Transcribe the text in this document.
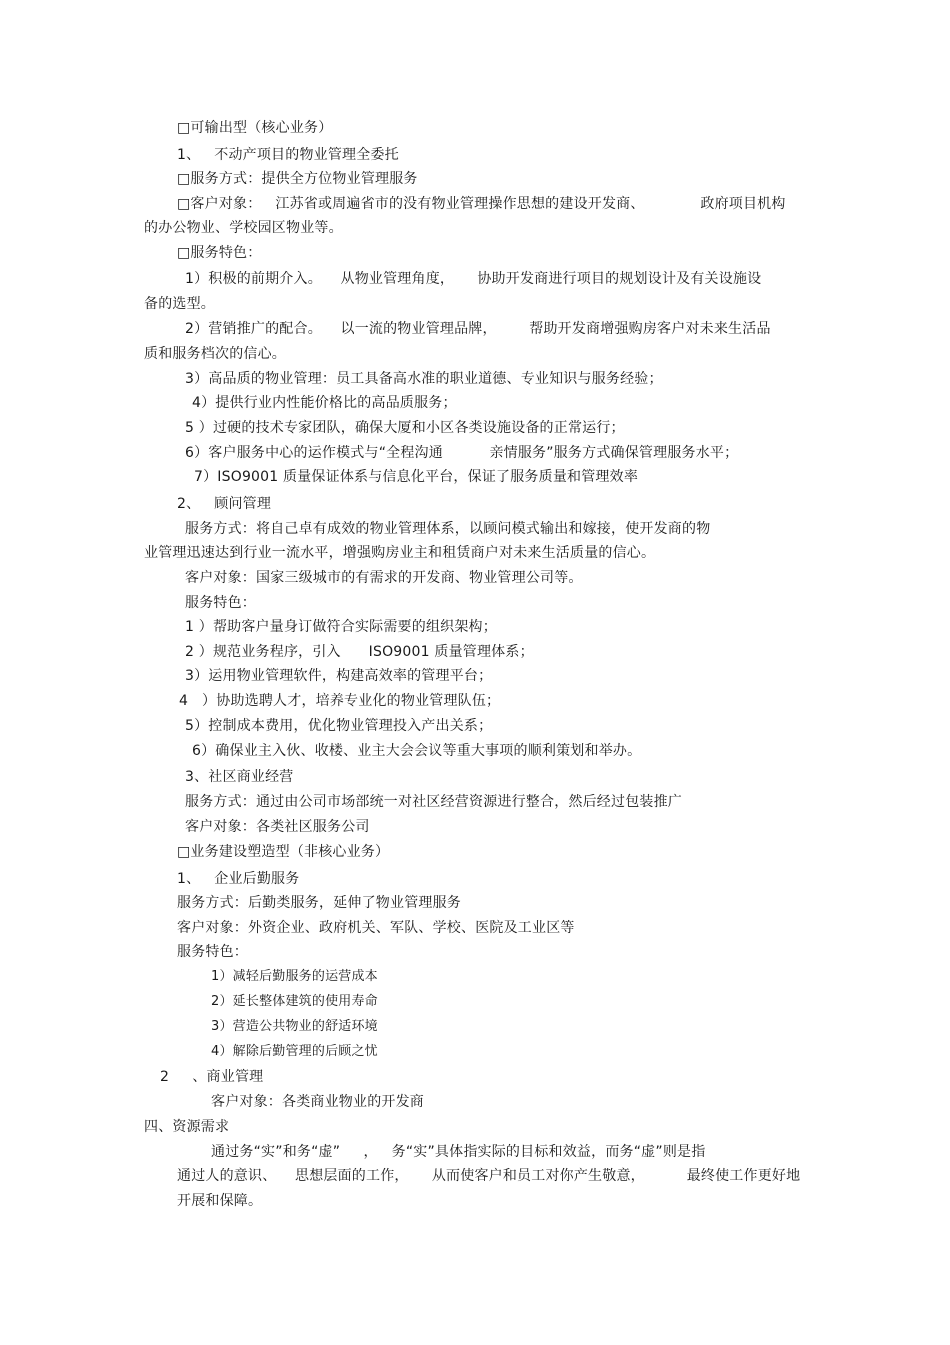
□可输出型（核心业务）
1、   不动产项目的物业管理全委托
□服务方式：提供全方位物业管理服务
□客户对象：   江苏省或周遍省市的没有物业管理操作思想的建设开发商、            政府项目机构
的办公物业、学校园区物业等。
□服务特色：
1）积极的前期介入。    从物业管理角度，     协助开发商进行项目的规划设计及有关设施设
备的选型。
2）营销推广的配合。    以一流的物业管理品牌，       帮助开发商增强购房客户对未来生活品
质和服务档次的信心。
3）高品质的物业管理：员工具备高水准的职业道德、专业知识与服务经验；
4）提供行业内性能价格比的高品质服务；
5 ）过硬的技术专家团队，确保大厦和小区各类设施设备的正常运行；
6）客户服务中心的运作模式与“全程沟通          亲情服务”服务方式确保管理服务水平；
7）ISO9001 质量保证体系与信息化平台，保证了服务质量和管理效率
2、   顾问管理
服务方式：将自己卓有成效的物业管理体系，以顾问模式输出和嫁接，使开发商的物
业管理迅速达到行业一流水平，增强购房业主和租赁商户对未来生活质量的信心。
客户对象：国家三级城市的有需求的开发商、物业管理公司等。
服务特色：
1 ）帮助客户量身订做符合实际需要的组织架构；
2 ）规范业务程序，引入      ISO9001 质量管理体系；
3）运用物业管理软件，构建高效率的管理平台；
4   ）协助选聘人才，培养专业化的物业管理队伍；
5）控制成本费用，优化物业管理投入产出关系；
6）确保业主入伙、收楼、业主大会会议等重大事项的顺利策划和举办。
3、社区商业经营
服务方式：通过由公司市场部统一对社区经营资源进行整合，然后经过包装推广
客户对象：各类社区服务公司
□业务建设塑造型（非核心业务）
1、   企业后勤服务
服务方式：后勤类服务，延伸了物业管理服务
客户对象：外资企业、政府机关、军队、学校、医院及工业区等
服务特色：
1）减轻后勤服务的运营成本
2）延长整体建筑的使用寿命
3）营造公共物业的舒适环境
4）解除后勤管理的后顾之忧
2     、商业管理
客户对象：各类商业物业的开发商
四、资源需求
通过务“实”和务“虚”     ，   务“实”具体指实际的目标和效益，而务“虚”则是指
通过人的意识、    思想层面的工作，     从而使客户和员工对你产生敬意，         最终使工作更好地
开展和保障。
